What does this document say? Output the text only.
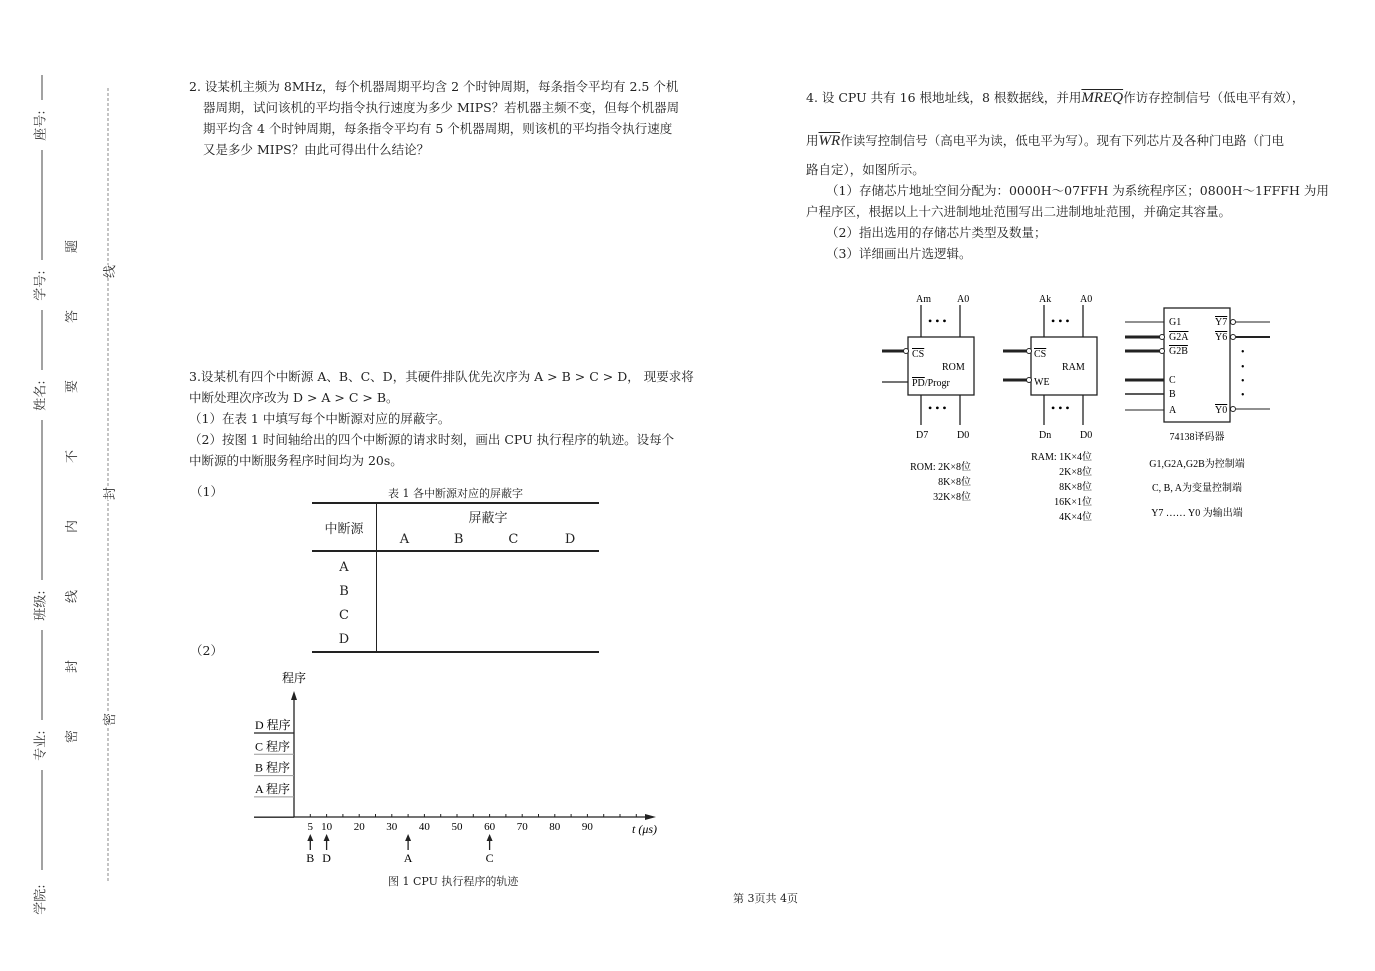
座号:
学号:
姓名:
班级:
专业:
学院:
题
答
要
不
内
线
封
密
线
封
密
2. 设某机主频为 8MHz，每个机器周期平均含 2 个时钟周期，每条指令平均有 2.5 个机
器周期，试问该机的平均指令执行速度为多少 MIPS？若机器主频不变，但每个机器周
期平均含 4 个时钟周期，每条指令平均有 5 个机器周期，则该机的平均指令执行速度
又是多少 MIPS？由此可得出什么结论？
3.设某机有四个中断源 A、B、C、D，其硬件排队优先次序为 A > B > C > D， 现要求将
中断处理次序改为 D > A > C > B。
（1）在表 1 中填写每个中断源对应的屏蔽字。
（2）按图 1 时间轴给出的四个中断源的请求时刻，画出 CPU 执行程序的轨迹。设每个
中断源的中断服务程序时间均为 20s。
（1）
（2）
表 1 各中断源对应的屏蔽字
中断源	屏蔽字			
	A	B	C	D
A				
B				
C				
D				
程序
t (μs)
D 程序
C 程序
B 程序
A 程序
5 10 20 30 40 50 60 70 80 90
B D	A	C
图 1 CPU 执行程序的轨迹
4. 设 CPU 共有 16 根地址线，8 根数据线，并用MREQ作访存控制信号（低电平有效），
用$\overline{WR}$作读写控制信号（高电平为读，低电平为写）。现有下列芯片及各种门电路（门电
路自定），如图所示。
（1）存储芯片地址空间分配为：0000H～07FFH 为系统程序区；0800H～1FFFH 为用
户程序区，根据以上十六进制地址范围写出二进制地址范围，并确定其容量。
（2）指出选用的存储芯片类型及数量；
（3）详细画出片选逻辑。
• • •
• • •
CS
PD/Progr
ROM
Am	A0
D7	D0
ROM: 2K×8位
8K×8位
32K×8位
• • •
• • •
CS
WE
RAM
Ak	A0
Dn	D0
RAM: 1K×4位
2K×8位
8K×8位
16K×1位
4K×4位
•
•
•
•
G1
G2A
G2B
C
B
A
Y7
Y6
Y0
74138译码器
G1,G2A,G2B为控制端
C, B, A为变量控制端
Y7 …… Y0 为输出端
第 3页共 4页
